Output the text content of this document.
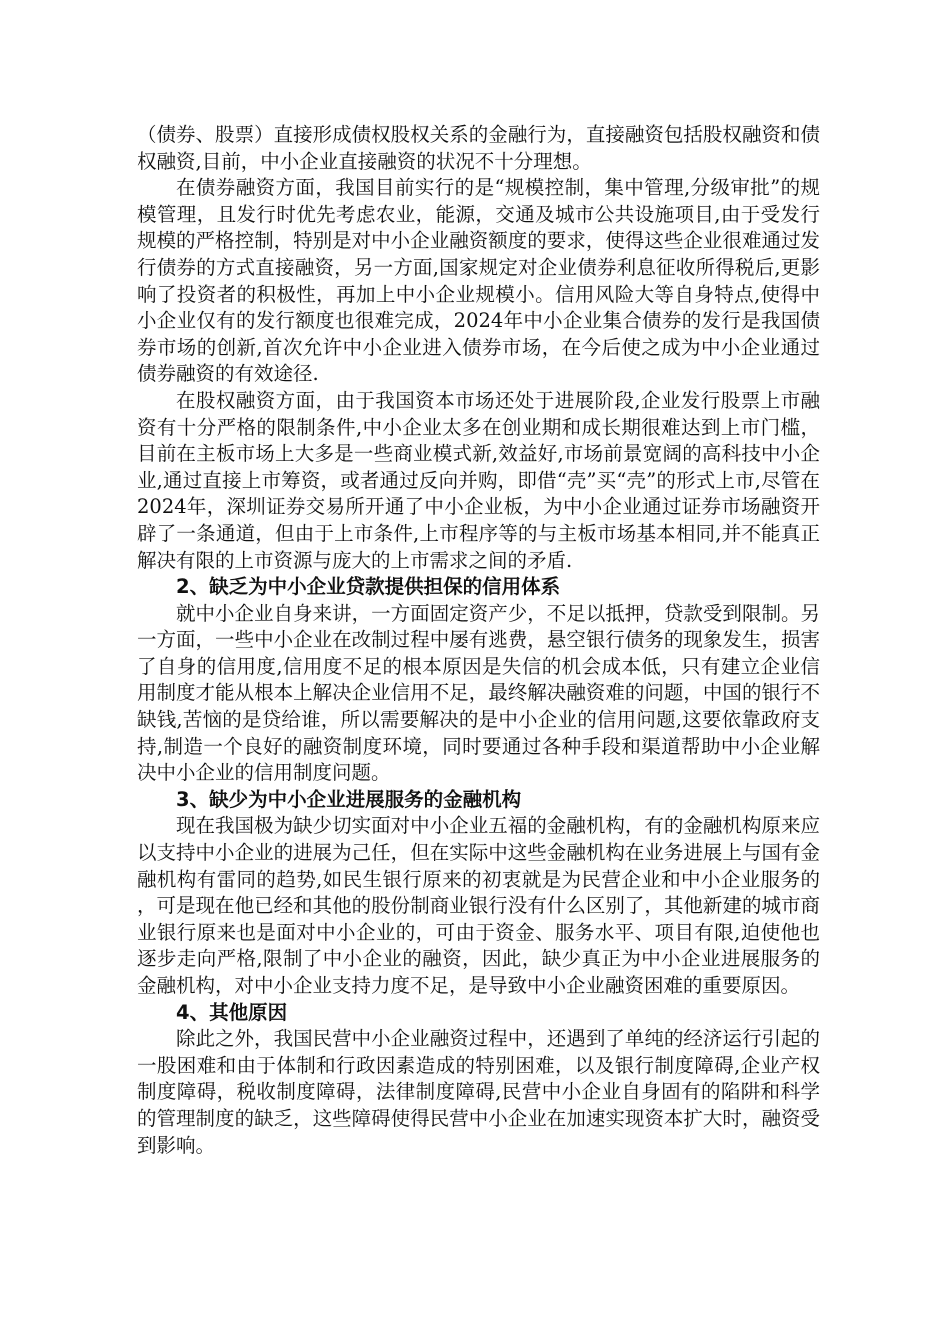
（债券、股票）直接形成债权股权关系的金融行为，直接融资包括股权融资和债权融资,目前，中小企业直接融资的状况不十分理想。

在债券融资方面，我国目前实行的是“规模控制，集中管理,分级审批”的规模管理，且发行时优先考虑农业，能源，交通及城市公共设施项目,由于受发行规模的严格控制，特别是对中小企业融资额度的要求，使得这些企业很难通过发行债券的方式直接融资，另一方面,国家规定对企业债券利息征收所得税后,更影响了投资者的积极性，再加上中小企业规模小。信用风险大等自身特点,使得中小企业仅有的发行额度也很难完成，2024年中小企业集合债券的发行是我国债券市场的创新,首次允许中小企业进入债券市场，在今后使之成为中小企业通过债券融资的有效途径.

在股权融资方面，由于我国资本市场还处于进展阶段,企业发行股票上市融资有十分严格的限制条件,中小企业太多在创业期和成长期很难达到上市门槛，目前在主板市场上大多是一些商业模式新,效益好,市场前景宽阔的高科技中小企业,通过直接上市筹资，或者通过反向并购，即借“壳”买“壳”的形式上市,尽管在2024年，深圳证券交易所开通了中小企业板，为中小企业通过证券市场融资开辟了一条通道，但由于上市条件,上市程序等的与主板市场基本相同,并不能真正解决有限的上市资源与庞大的上市需求之间的矛盾.

2、缺乏为中小企业贷款提供担保的信用体系

就中小企业自身来讲，一方面固定资产少，不足以抵押，贷款受到限制。另一方面，一些中小企业在改制过程中屡有逃费，悬空银行债务的现象发生，损害了自身的信用度,信用度不足的根本原因是失信的机会成本低，只有建立企业信用制度才能从根本上解决企业信用不足，最终解决融资难的问题，中国的银行不缺钱,苦恼的是贷给谁，所以需要解决的是中小企业的信用问题,这要依靠政府支持,制造一个良好的融资制度环境，同时要通过各种手段和渠道帮助中小企业解决中小企业的信用制度问题。

3、缺少为中小企业进展服务的金融机构

现在我国极为缺少切实面对中小企业五福的金融机构，有的金融机构原来应以支持中小企业的进展为己任，但在实际中这些金融机构在业务进展上与国有金融机构有雷同的趋势,如民生银行原来的初衷就是为民营企业和中小企业服务的，可是现在他已经和其他的股份制商业银行没有什么区别了，其他新建的城市商业银行原来也是面对中小企业的，可由于资金、服务水平、项目有限,迫使他也逐步走向严格,限制了中小企业的融资，因此，缺少真正为中小企业进展服务的金融机构，对中小企业支持力度不足，是导致中小企业融资困难的重要原因。

4、其他原因

除此之外，我国民营中小企业融资过程中，还遇到了单纯的经济运行引起的一股困难和由于体制和行政因素造成的特别困难，以及银行制度障碍,企业产权制度障碍，税收制度障碍，法律制度障碍,民营中小企业自身固有的陷阱和科学的管理制度的缺乏，这些障碍使得民营中小企业在加速实现资本扩大时，融资受到影响。
